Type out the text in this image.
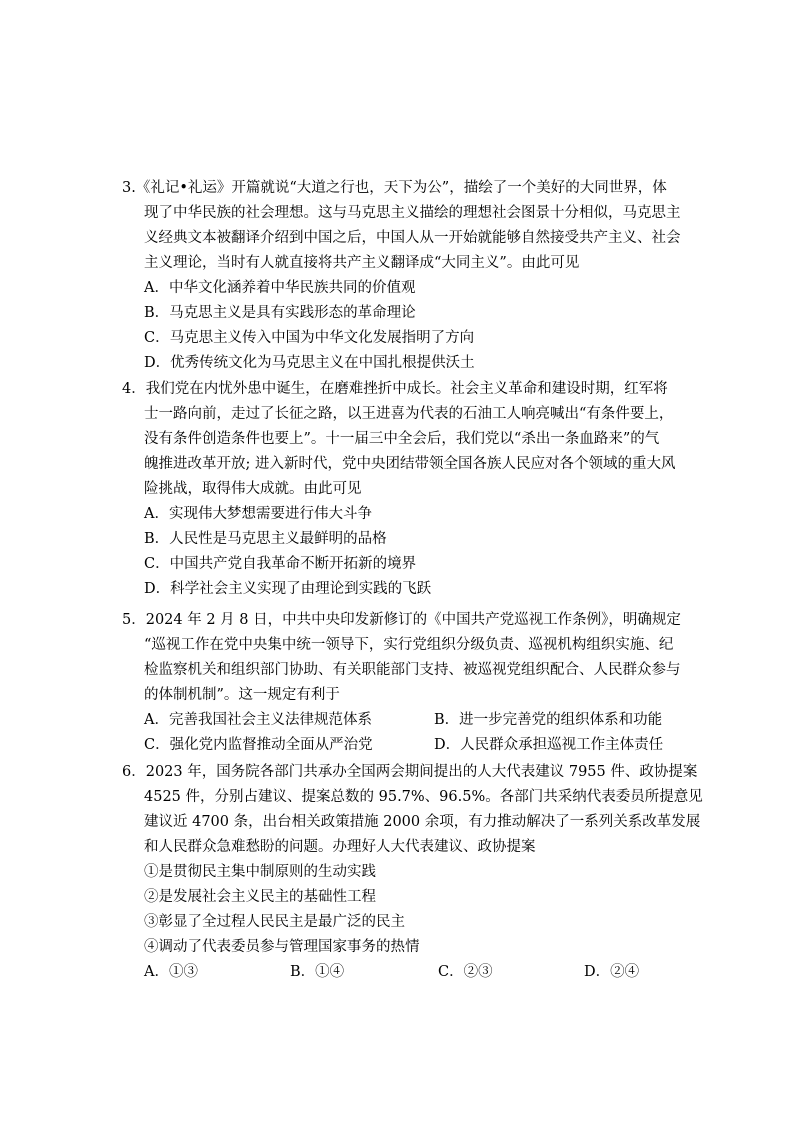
3.《礼记•礼运》开篇就说“大道之行也，天下为公”，描绘了一个美好的大同世界，体
现了中华民族的社会理想。这与马克思主义描绘的理想社会图景十分相似，马克思主
义经典文本被翻译介绍到中国之后，中国人从一开始就能够自然接受共产主义、社会
主义理论，当时有人就直接将共产主义翻译成“大同主义”。由此可见
A．中华文化涵养着中华民族共同的价值观
B．马克思主义是具有实践形态的革命理论
C．马克思主义传入中国为中华文化发展指明了方向
D．优秀传统文化为马克思主义在中国扎根提供沃土
4．我们党在内忧外患中诞生，在磨难挫折中成长。社会主义革命和建设时期，红军将
士一路向前，走过了长征之路，以王进喜为代表的石油工人响亮喊出“有条件要上，
没有条件创造条件也要上”。十一届三中全会后，我们党以“杀出一条血路来”的气
魄推进改革开放; 进入新时代，党中央团结带领全国各族人民应对各个领域的重大风
险挑战，取得伟大成就。由此可见
A．实现伟大梦想需要进行伟大斗争
B．人民性是马克思主义最鲜明的品格
C．中国共产党自我革命不断开拓新的境界
D．科学社会主义实现了由理论到实践的飞跃
5．2024 年 2 月 8 日，中共中央印发新修订的《中国共产党巡视工作条例》，明确规定
“巡视工作在党中央集中统一领导下，实行党组织分级负责、巡视机构组织实施、纪
检监察机关和组织部门协助、有关职能部门支持、被巡视党组织配合、人民群众参与
的体制机制”。这一规定有利于
A．完善我国社会主义法律规范体系	B．进一步完善党的组织体系和功能
C．强化党内监督推动全面从严治党	D．人民群众承担巡视工作主体责任
6．2023 年，国务院各部门共承办全国两会期间提出的人大代表建议 7955 件、政协提案
4525 件，分别占建议、提案总数的 95.7%、96.5%。各部门共采纳代表委员所提意见
建议近 4700 条，出台相关政策措施 2000 余项，有力推动解决了一系列关系改革发展
和人民群众急难愁盼的问题。办理好人大代表建议、政协提案
①是贯彻民主集中制原则的生动实践
②是发展社会主义民主的基础性工程
③彰显了全过程人民民主是最广泛的民主
④调动了代表委员参与管理国家事务的热情
A．①③	B．①④	C．②③	D．②④
